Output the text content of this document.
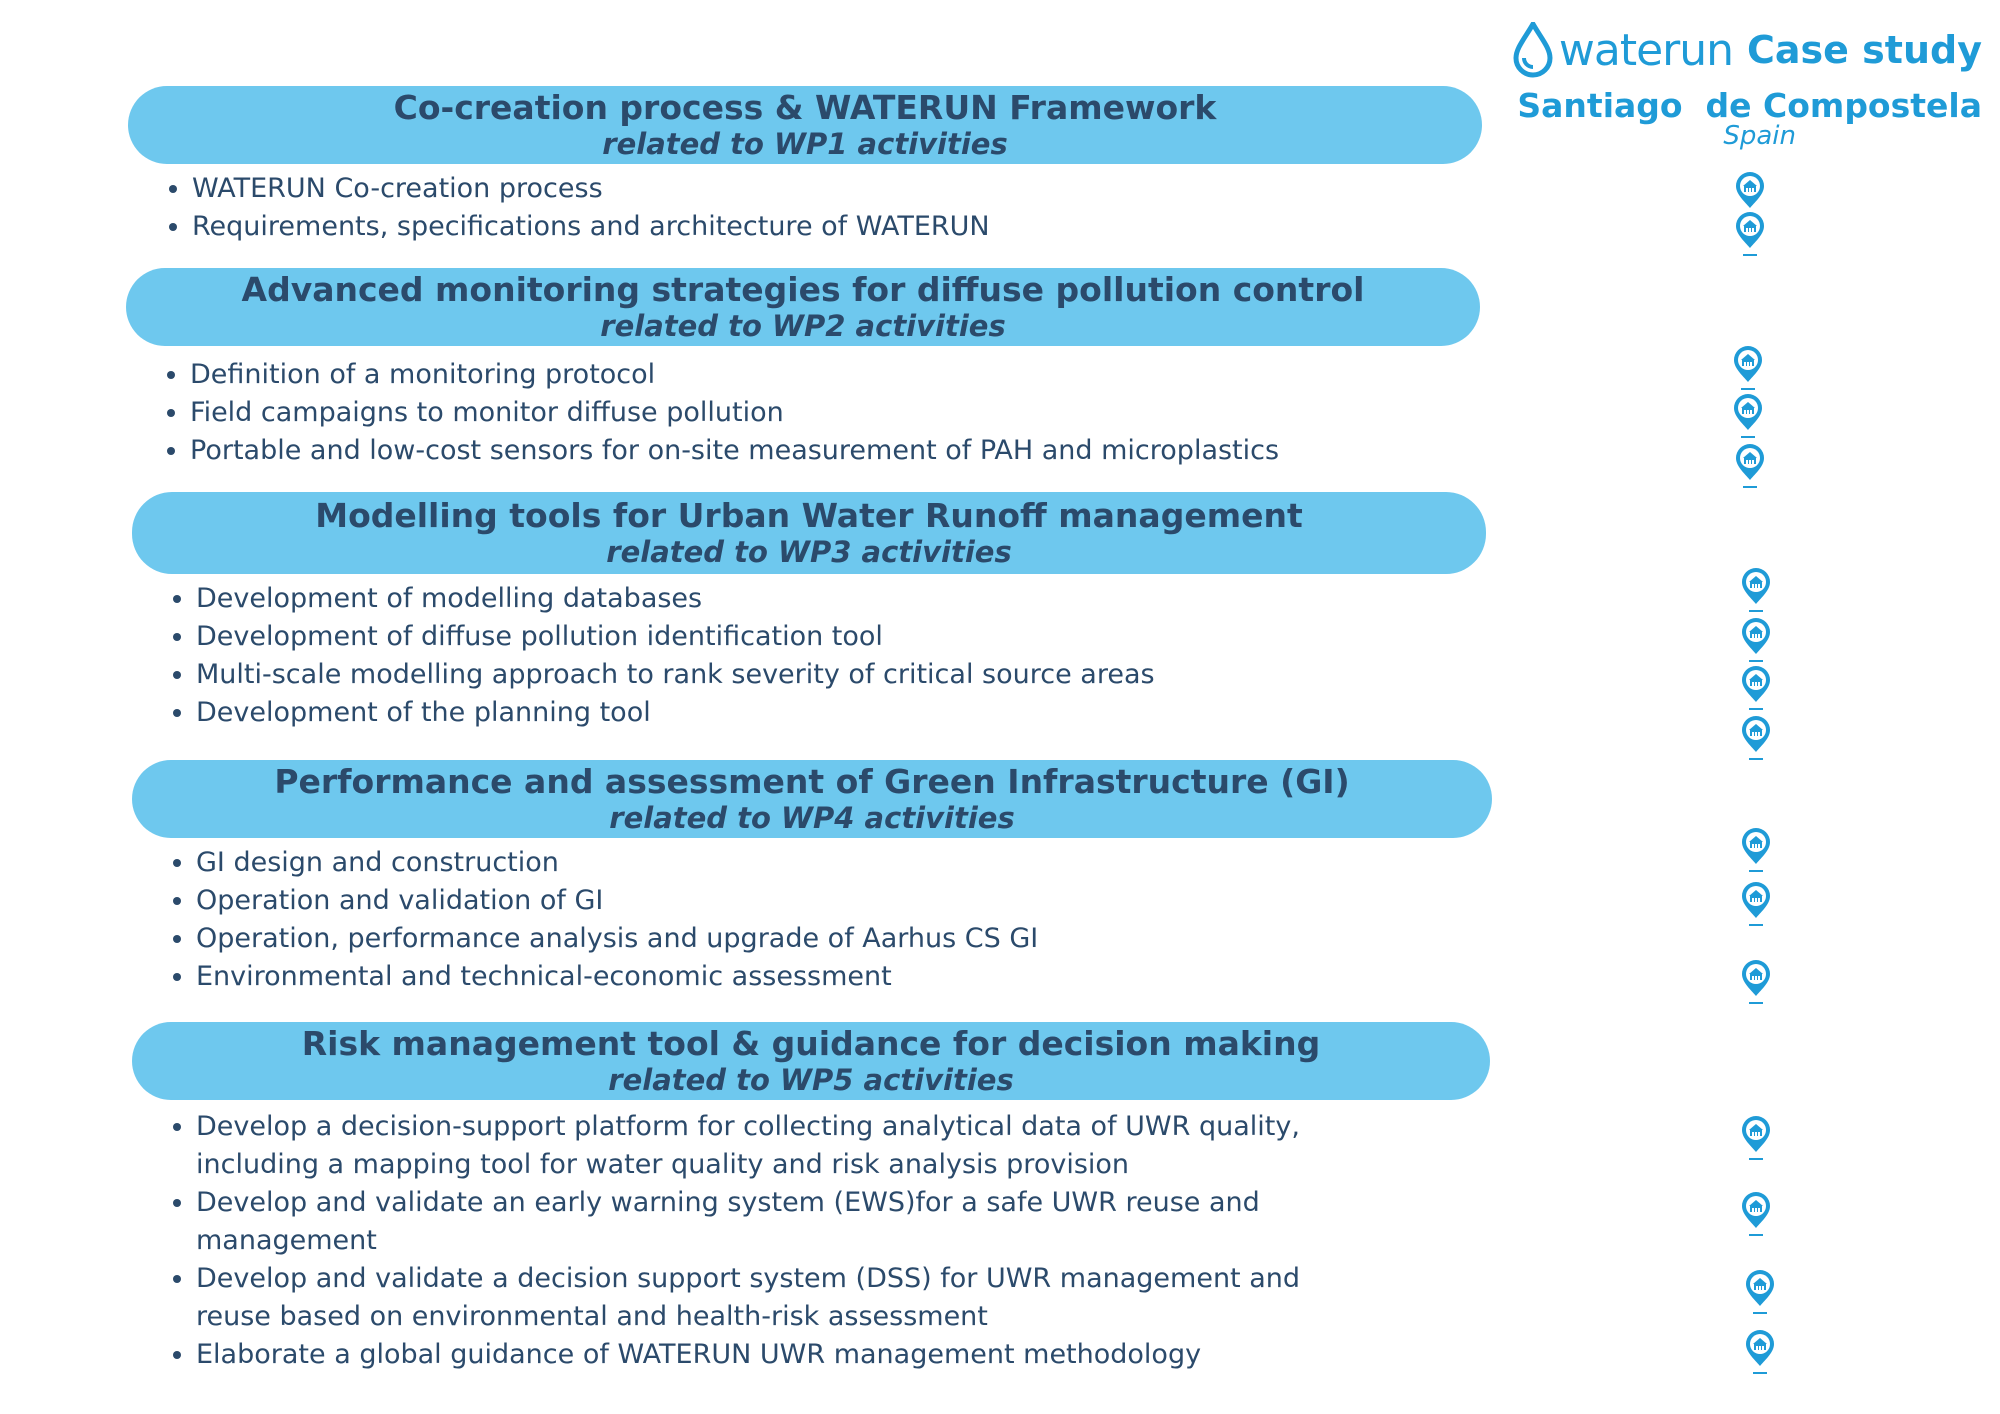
waterun Case study
Santiago  de Compostela
Spain
Co-creation process & WATERUN Framework
related to WP1 activities
• WATERUN Co-creation process
• Requirements, specifications and architecture of WATERUN
Advanced monitoring strategies for diffuse pollution control
related to WP2 activities
• Definition of a monitoring protocol
• Field campaigns to monitor diffuse pollution
• Portable and low-cost sensors for on-site measurement of PAH and microplastics
Modelling tools for Urban Water Runoff management
related to WP3 activities
• Development of modelling databases
• Development of diffuse pollution identification tool
• Multi-scale modelling approach to rank severity of critical source areas
• Development of the planning tool
Performance and assessment of Green Infrastructure (GI)
related to WP4 activities
• GI design and construction
• Operation and validation of GI
• Operation, performance analysis and upgrade of Aarhus CS GI
• Environmental and technical-economic assessment
Risk management tool & guidance for decision making
related to WP5 activities
• Develop a decision-support platform for collecting analytical data of UWR quality, including a mapping tool for water quality and risk analysis provision
• Develop and validate an early warning system (EWS)for a safe UWR reuse and management
• Develop and validate a decision support system (DSS) for UWR management and reuse based on environmental and health-risk assessment
• Elaborate a global guidance of WATERUN UWR management methodology
